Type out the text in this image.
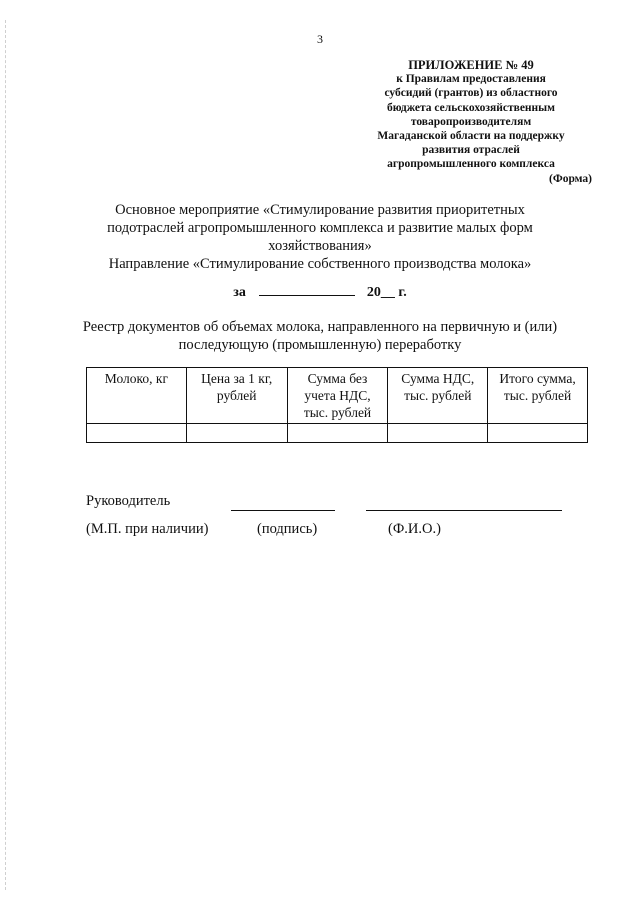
3
ПРИЛОЖЕНИЕ № 49
к Правилам предоставления
субсидий (грантов) из областного
бюджета сельскохозяйственным
товаропроизводителям
Магаданской области на поддержку
развития отраслей
агропромышленного комплекса
(Форма)
Основное мероприятие «Стимулирование развития приоритетных
подотраслей агропромышленного комплекса и развитие малых форм
хозяйствования»
Направление «Стимулирование собственного производства молока»
за	20__ г.
Реестр документов об объемах молока, направленного на первичную и (или)
последующую (промышленную) переработку
Молоко, кг	Цена за 1 кг, рублей	Сумма без учета НДС, тыс. рублей	Сумма НДС, тыс. рублей	Итого сумма, тыс. рублей

Руководитель
(М.П. при наличии)	(подпись)	(Ф.И.О.)
